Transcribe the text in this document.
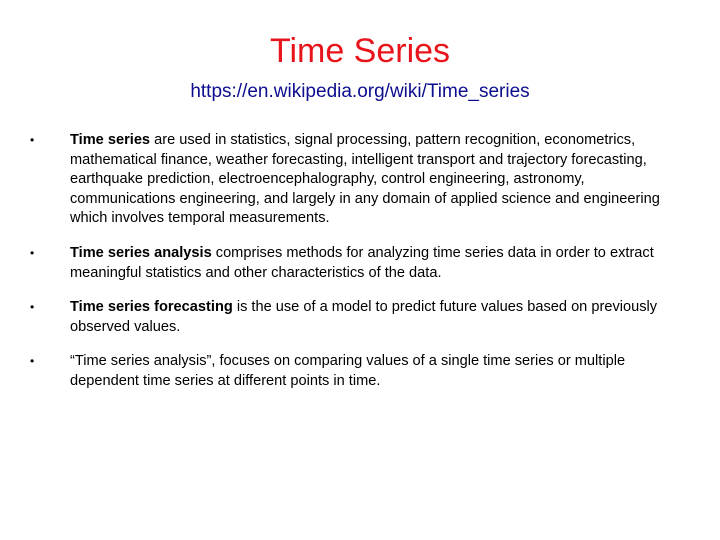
Time Series
https://en.wikipedia.org/wiki/Time_series
•	Time series are used in statistics, signal processing, pattern recognition, econometrics, mathematical finance, weather forecasting, intelligent transport and trajectory forecasting, earthquake prediction, electroencephalography, control engineering, astronomy, communications engineering, and largely in any domain of applied science and engineering which involves temporal measurements.
•	Time series analysis comprises methods for analyzing time series data in order to extract meaningful statistics and other characteristics of the data.
•	Time series forecasting is the use of a model to predict future values based on previously observed values.
•	“Time series analysis”, focuses on comparing values of a single time series or multiple dependent time series at different points in time.
